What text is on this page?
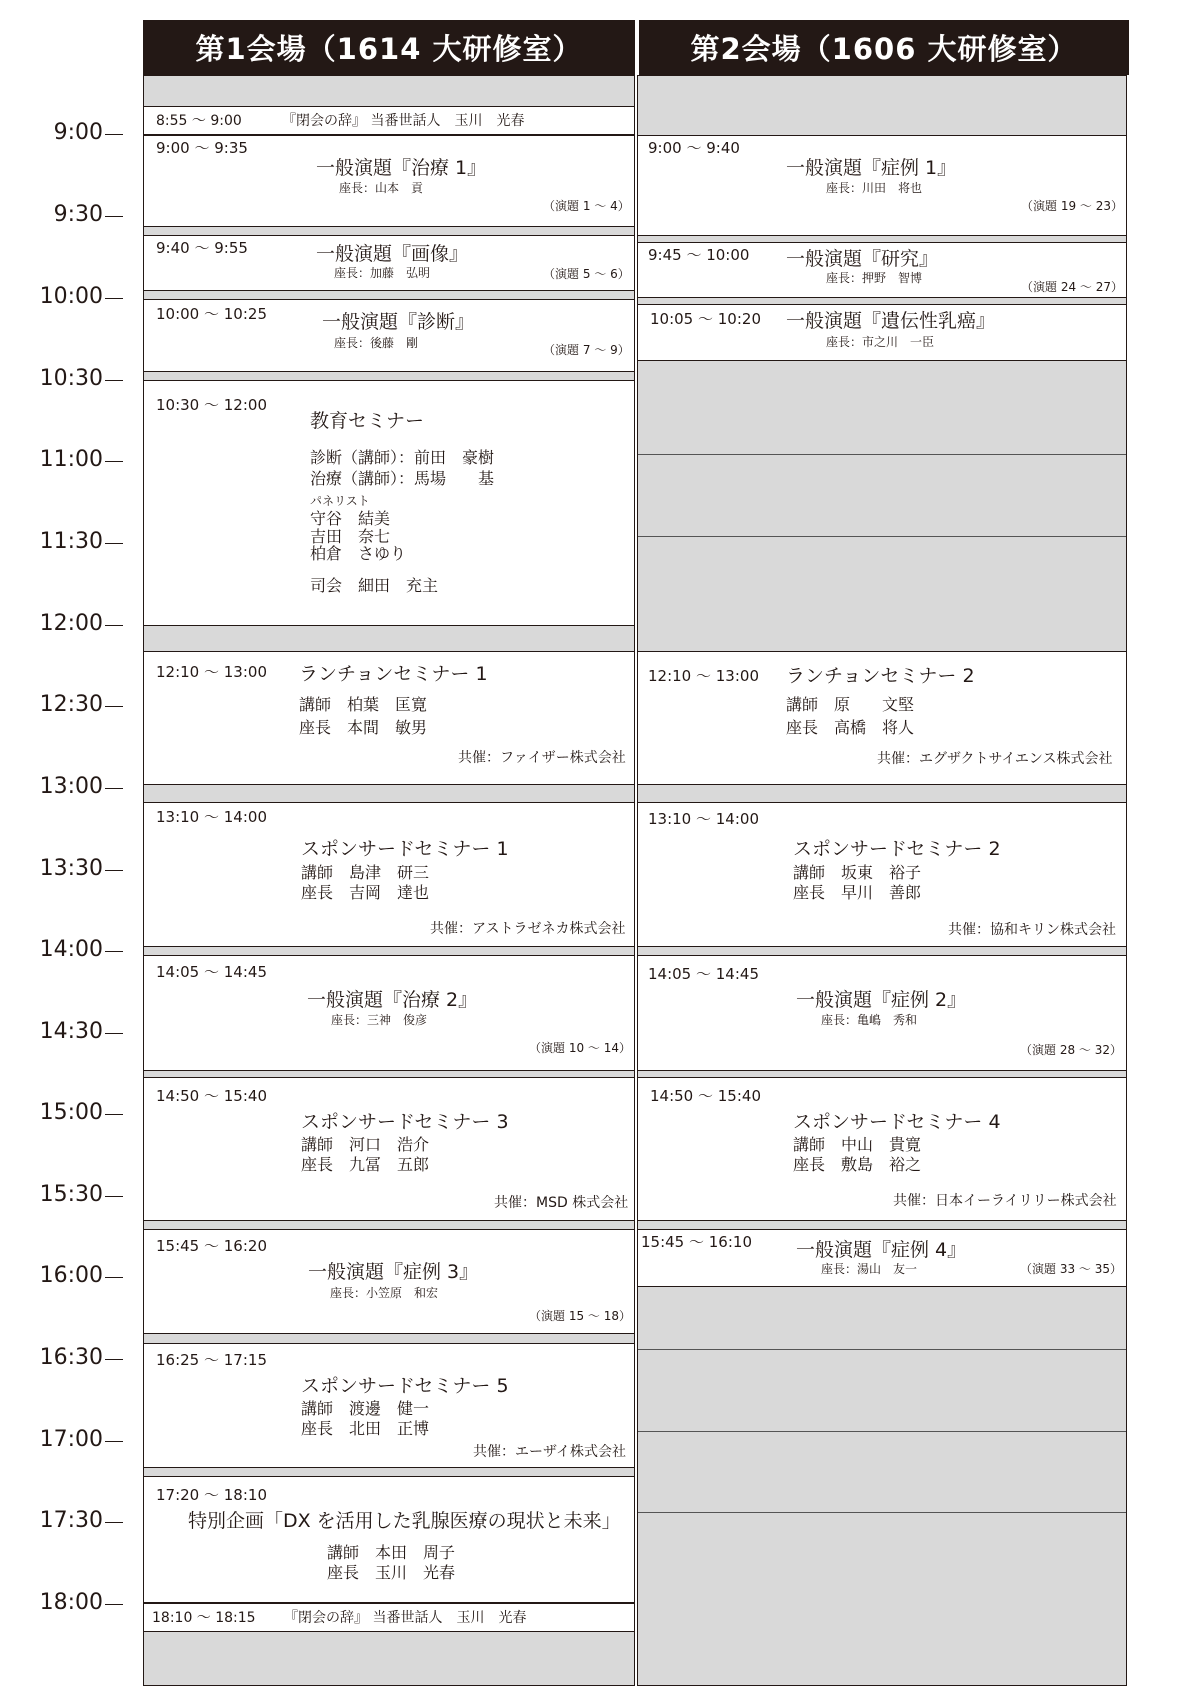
第1会場（1614 大研修室）	第2会場（1606 大研修室）
9:00
9:30
10:00
10:30
11:00
11:30
12:00
12:30
13:00
13:30
14:00
14:30
15:00
15:30
16:00
16:30
17:00
17:30
18:00
8:55 ～ 9:00	『閉会の辞』 当番世話人　玉川　光春
9:00 ～ 9:35
一般演題『治療 1』
座長：山本　貢
（演題 1 ～ 4）
9:40 ～ 9:55	一般演題『画像』
座長：加藤　弘明	（演題 5 ～ 6）
10:00 ～ 10:25	一般演題『診断』
座長：後藤　剛	（演題 7 ～ 9）
10:30 ～ 12:00
教育セミナー
診断（講師）：前田　豪樹
治療（講師）：馬場　　基
パネリスト
守谷　結美
吉田　奈七
柏倉　さゆり
司会　細田　充主
12:10 ～ 13:00 ランチョンセミナー 1
講師　柏葉　匡寛
座長　本間　敏男
共催：ファイザー株式会社
13:10 ～ 14:00
スポンサードセミナー 1
講師　島津　研三
座長　吉岡　達也
共催：アストラゼネカ株式会社
14:05 ～ 14:45
一般演題『治療 2』
座長：三神　俊彦
（演題 10 ～ 14）
14:50 ～ 15:40
スポンサードセミナー 3
講師　河口　浩介
座長　九冨　五郎
共催：MSD 株式会社
15:45 ～ 16:20
一般演題『症例 3』
座長：小笠原　和宏
（演題 15 ～ 18）
16:25 ～ 17:15
スポンサードセミナー 5
講師　渡邊　健一
座長　北田　正博
共催：エーザイ株式会社
17:20 ～ 18:10
特別企画「DX を活用した乳腺医療の現状と未来」
講師　本田　周子
座長　玉川　光春
18:10 ～ 18:15 『閉会の辞』 当番世話人　玉川　光春
9:00 ～ 9:40
一般演題『症例 1』
座長：川田　将也
（演題 19 ～ 23）
9:45 ～ 10:00 一般演題『研究』
座長：押野　智博
（演題 24 ～ 27）
10:05 ～ 10:20 一般演題『遺伝性乳癌』
座長：市之川　一臣
12:10 ～ 13:00 ランチョンセミナー 2
講師　原　　文堅
座長　高橋　将人
共催：エグザクトサイエンス株式会社
13:10 ～ 14:00
スポンサードセミナー 2
講師　坂東　裕子
座長　早川　善郎
共催：協和キリン株式会社
14:05 ～ 14:45
一般演題『症例 2』
座長：亀嶋　秀和
（演題 28 ～ 32）
14:50 ～ 15:40
スポンサードセミナー 4
講師　中山　貴寛
座長　敷島　裕之
共催：日本イーライリリー株式会社
15:45 ～ 16:10 一般演題『症例 4』
座長：湯山　友一	（演題 33 ～ 35）
